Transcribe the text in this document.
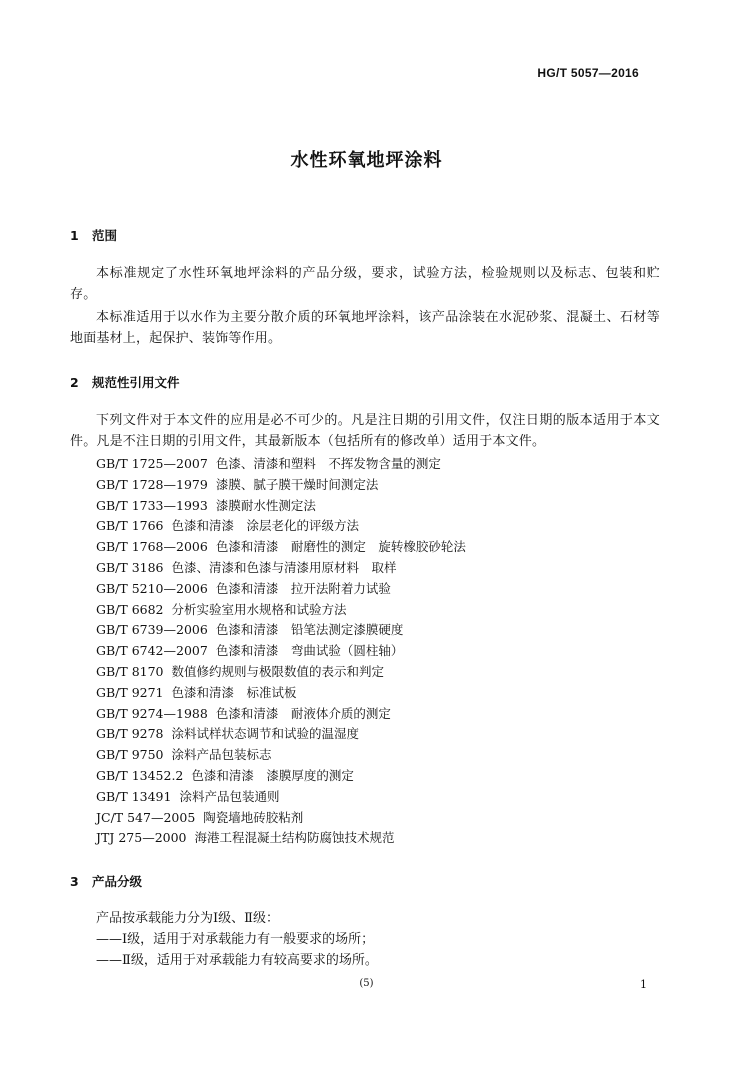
HG/T 5057—2016
水性环氧地坪涂料
1 范围
本标准规定了水性环氧地坪涂料的产品分级，要求，试验方法，检验规则以及标志、包装和贮存。
本标准适用于以水作为主要分散介质的环氧地坪涂料，该产品涂装在水泥砂浆、混凝土、石材等地面基材上，起保护、装饰等作用。
2 规范性引用文件
下列文件对于本文件的应用是必不可少的。凡是注日期的引用文件，仅注日期的版本适用于本文件。凡是不注日期的引用文件，其最新版本（包括所有的修改单）适用于本文件。
GB/T 1725—2007 色漆、清漆和塑料　不挥发物含量的测定
GB/T 1728—1979 漆膜、腻子膜干燥时间测定法
GB/T 1733—1993 漆膜耐水性测定法
GB/T 1766 色漆和清漆　涂层老化的评级方法
GB/T 1768—2006 色漆和清漆　耐磨性的测定　旋转橡胶砂轮法
GB/T 3186 色漆、清漆和色漆与清漆用原材料　取样
GB/T 5210—2006 色漆和清漆　拉开法附着力试验
GB/T 6682 分析实验室用水规格和试验方法
GB/T 6739—2006 色漆和清漆　铅笔法测定漆膜硬度
GB/T 6742—2007 色漆和清漆　弯曲试验（圆柱轴）
GB/T 8170 数值修约规则与极限数值的表示和判定
GB/T 9271 色漆和清漆　标准试板
GB/T 9274—1988 色漆和清漆　耐液体介质的测定
GB/T 9278 涂料试样状态调节和试验的温湿度
GB/T 9750 涂料产品包装标志
GB/T 13452.2 色漆和清漆　漆膜厚度的测定
GB/T 13491 涂料产品包装通则
JC/T 547—2005 陶瓷墙地砖胶粘剂
JTJ 275—2000 海港工程混凝土结构防腐蚀技术规范
3 产品分级
产品按承载能力分为Ⅰ级、Ⅱ级：
——Ⅰ级，适用于对承载能力有一般要求的场所；
——Ⅱ级，适用于对承载能力有较高要求的场所。
(5)	1
